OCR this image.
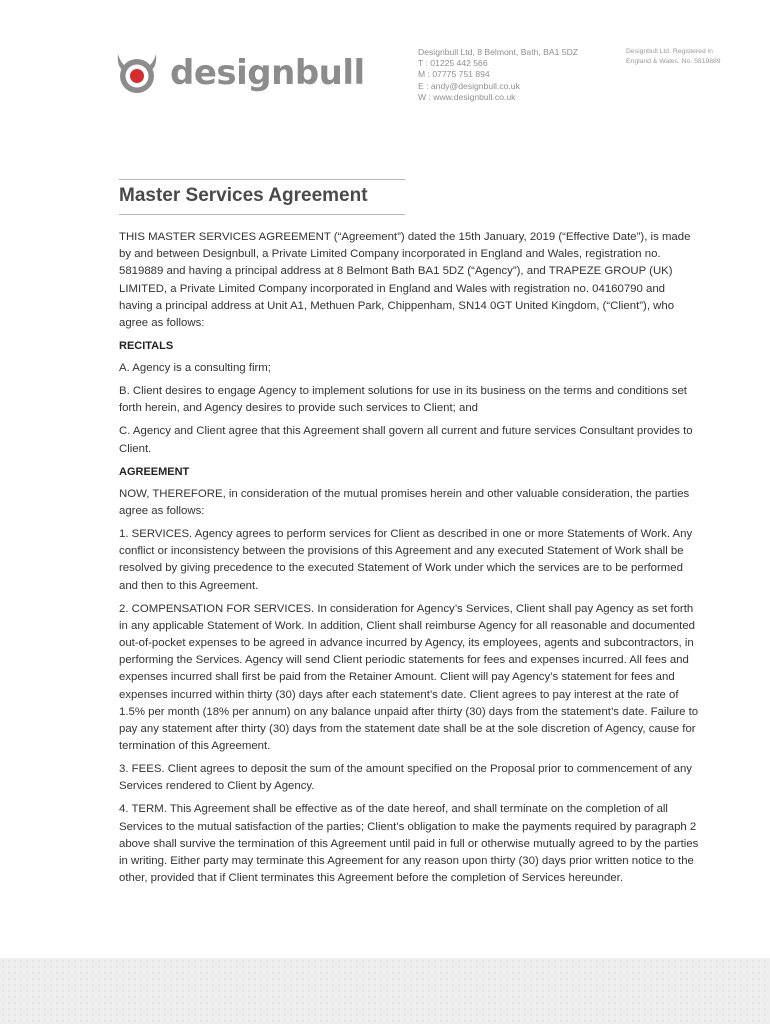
designbull
Designbull Ltd, 8 Belmont, Bath, BA1 5DZ
T : 01225 442 566
M : 07775 751 894
E : andy@designbull.co.uk
W : www.designbull.co.uk
Designbull Ltd. Registered in England & Wales. No. 5819889
Master Services Agreement

THIS MASTER SERVICES AGREEMENT (“Agreement”) dated the 15th January, 2019 (“Effective Date”), is made by and between Designbull, a Private Limited Company incorporated in England and Wales, registration no. 5819889 and having a principal address at 8 Belmont Bath BA1 5DZ (“Agency”), and TRAPEZE GROUP (UK) LIMITED, a Private Limited Company incorporated in England and Wales with registration no. 04160790 and having a principal address at Unit A1, Methuen Park, Chippenham, SN14 0GT United Kingdom, (“Client”), who agree as follows:

RECITALS

A. Agency is a consulting firm;

B. Client desires to engage Agency to implement solutions for use in its business on the terms and conditions set forth herein, and Agency desires to provide such services to Client; and

C. Agency and Client agree that this Agreement shall govern all current and future services Consultant provides to Client.

AGREEMENT

NOW, THEREFORE, in consideration of the mutual promises herein and other valuable consideration, the parties agree as follows:

1. SERVICES. Agency agrees to perform services for Client as described in one or more Statements of Work. Any conflict or inconsistency between the provisions of this Agreement and any executed Statement of Work shall be resolved by giving precedence to the executed Statement of Work under which the services are to be performed and then to this Agreement.

2. COMPENSATION FOR SERVICES. In consideration for Agency’s Services, Client shall pay Agency as set forth in any applicable Statement of Work. In addition, Client shall reimburse Agency for all reasonable and documented out-of-pocket expenses to be agreed in advance incurred by Agency, its employees, agents and subcontractors, in performing the Services. Agency will send Client periodic statements for fees and expenses incurred. All fees and expenses incurred shall first be paid from the Retainer Amount. Client will pay Agency’s statement for fees and expenses incurred within thirty (30) days after each statement’s date. Client agrees to pay interest at the rate of 1.5% per month (18% per annum) on any balance unpaid after thirty (30) days from the statement’s date. Failure to pay any statement after thirty (30) days from the statement date shall be at the sole discretion of Agency, cause for termination of this Agreement.

3. FEES. Client agrees to deposit the sum of the amount specified on the Proposal prior to commencement of any Services rendered to Client by Agency.

4. TERM. This Agreement shall be effective as of the date hereof, and shall terminate on the completion of all Services to the mutual satisfaction of the parties; Client’s obligation to make the payments required by paragraph 2 above shall survive the termination of this Agreement until paid in full or otherwise mutually agreed to by the parties in writing. Either party may terminate this Agreement for any reason upon thirty (30) days prior written notice to the other, provided that if Client terminates this Agreement before the completion of Services hereunder.
